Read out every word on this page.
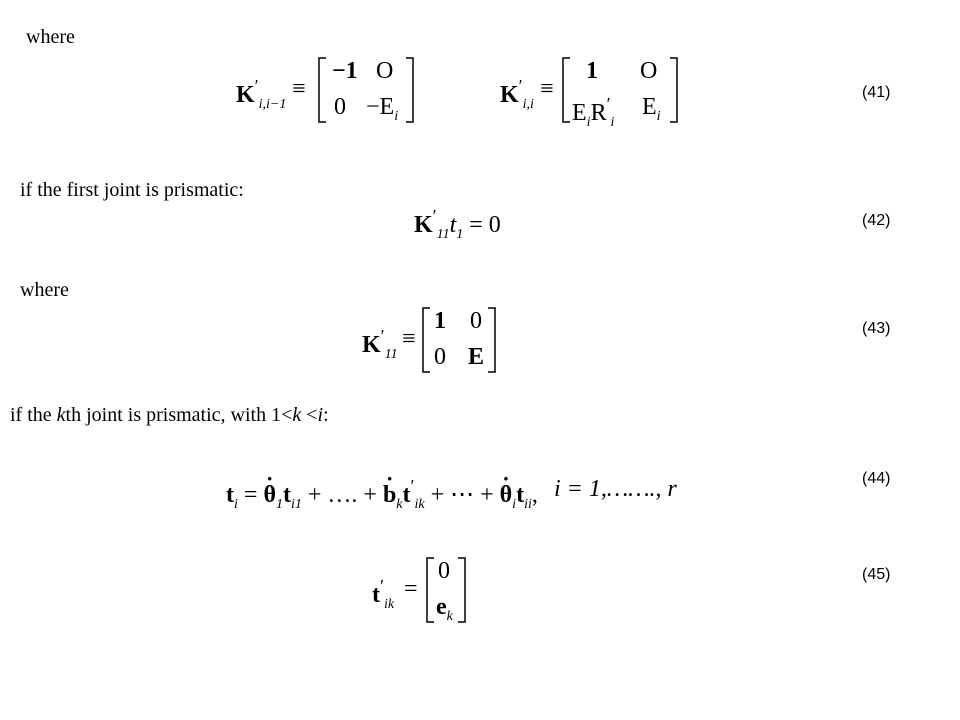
where
if the first joint is prismatic:
where
if the kth joint is prismatic, with 1<k <i:
(41)
(42)
(43)
(44)
(45)
$K'_{i,i-1}$
≡
−1 O
$0 -E_i$
$K'_{i,i}$
≡
1 O
$E_iR'_i$
$E_i$
$K'_{11}t_1 = 0$
$K'_{11}$
≡
1 0
0 E
$t_i$ = · $\theta_1t_{i1}$ + …. + · $b_kt'_{ik}$ + ⋯ + · $\theta_it_{ii}$, i = 1,……., r
$t'_{ik}$
=
0
$e_k$
